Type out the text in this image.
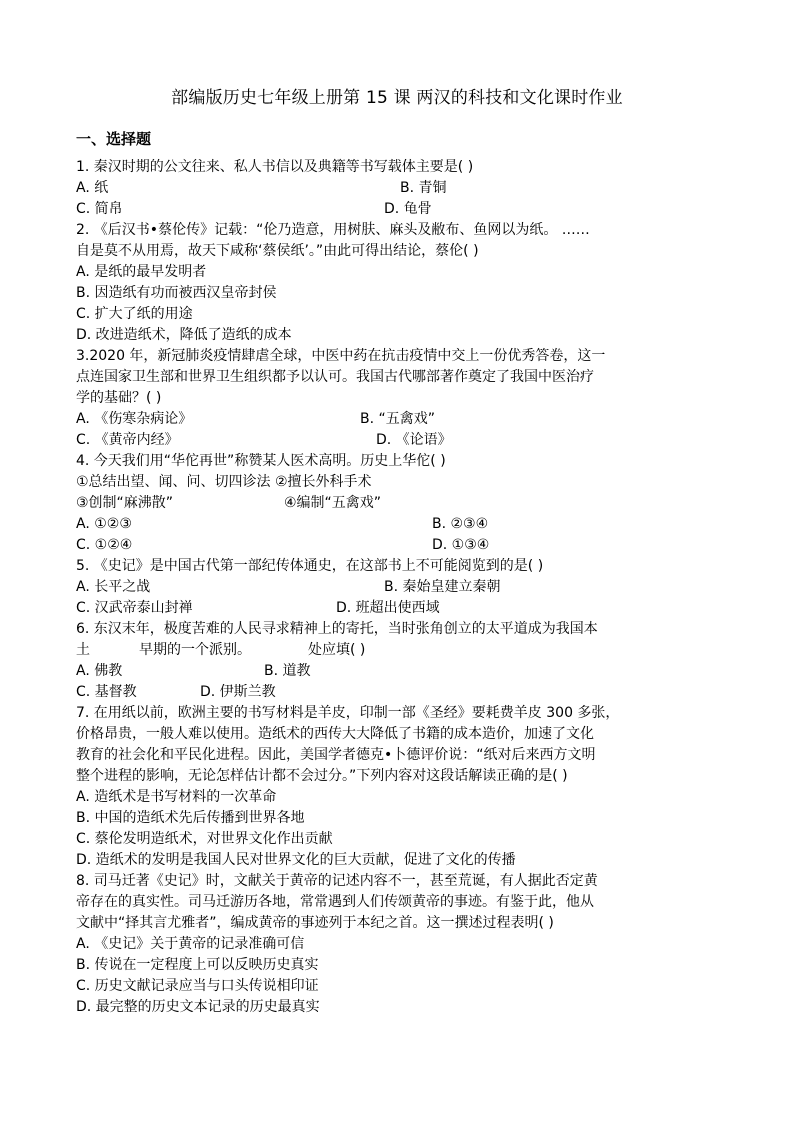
部编版历史七年级上册第 15 课 两汉的科技和文化课时作业
一、选择题
1. 秦汉时期的公文往来、私人书信以及典籍等书写载体主要是( )
A. 纸	B. 青铜
C. 简帛	D. 龟骨
2. 《后汉书•蔡伦传》记载：“伦乃造意，用树肤、麻头及敝布、鱼网以为纸。 ……
自是莫不从用焉，故天下咸称‘蔡侯纸’。”由此可得出结论，蔡伦( )
A. 是纸的最早发明者
B. 因造纸有功而被西汉皇帝封侯
C. 扩大了纸的用途
D. 改进造纸术，降低了造纸的成本
3.2020 年，新冠肺炎疫情肆虐全球，中医中药在抗击疫情中交上一份优秀答卷，这一
点连国家卫生部和世界卫生组织都予以认可。我国古代哪部著作奠定了我国中医治疗
学的基础？( )
A. 《伤寒杂病论》	B. “五禽戏”
C. 《黄帝内经》	D. 《论语》
4. 今天我们用“华佗再世”称赞某人医术高明。历史上华佗( )
①总结出望、闻、问、切四诊法 ②擅长外科手术
③创制“麻沸散”	④编制“五禽戏”
A. ①②③	B. ②③④
C. ①②④	D. ①③④
5. 《史记》是中国古代第一部纪传体通史，在这部书上不可能阅览到的是( )
A. 长平之战	B. 秦始皇建立秦朝
C. 汉武帝泰山封禅	D. 班超出使西域
6. 东汉末年，极度苦难的人民寻求精神上的寄托，当时张角创立的太平道成为我国本
土	早期的一个派别。	处应填( )
A. 佛教	B. 道教
C. 基督教	D. 伊斯兰教
7. 在用纸以前，欧洲主要的书写材料是羊皮，印制一部《圣经》要耗费羊皮 300 多张，
价格昂贵，一般人难以使用。造纸术的西传大大降低了书籍的成本造价，加速了文化
教育的社会化和平民化进程。因此，美国学者德克•卜德评价说：“纸对后来西方文明
整个进程的影响，无论怎样估计都不会过分。”下列内容对这段话解读正确的是( )
A. 造纸术是书写材料的一次革命
B. 中国的造纸术先后传播到世界各地
C. 蔡伦发明造纸术，对世界文化作出贡献
D. 造纸术的发明是我国人民对世界文化的巨大贡献，促进了文化的传播
8. 司马迁著《史记》时，文献关于黄帝的记述内容不一，甚至荒诞，有人据此否定黄
帝存在的真实性。司马迁游历各地，常常遇到人们传颂黄帝的事迹。有鉴于此，他从
文献中“择其言尤雅者”，编成黄帝的事迹列于本纪之首。这一撰述过程表明( )
A. 《史记》关于黄帝的记录准确可信
B. 传说在一定程度上可以反映历史真实
C. 历史文献记录应当与口头传说相印证
D. 最完整的历史文本记录的历史最真实
